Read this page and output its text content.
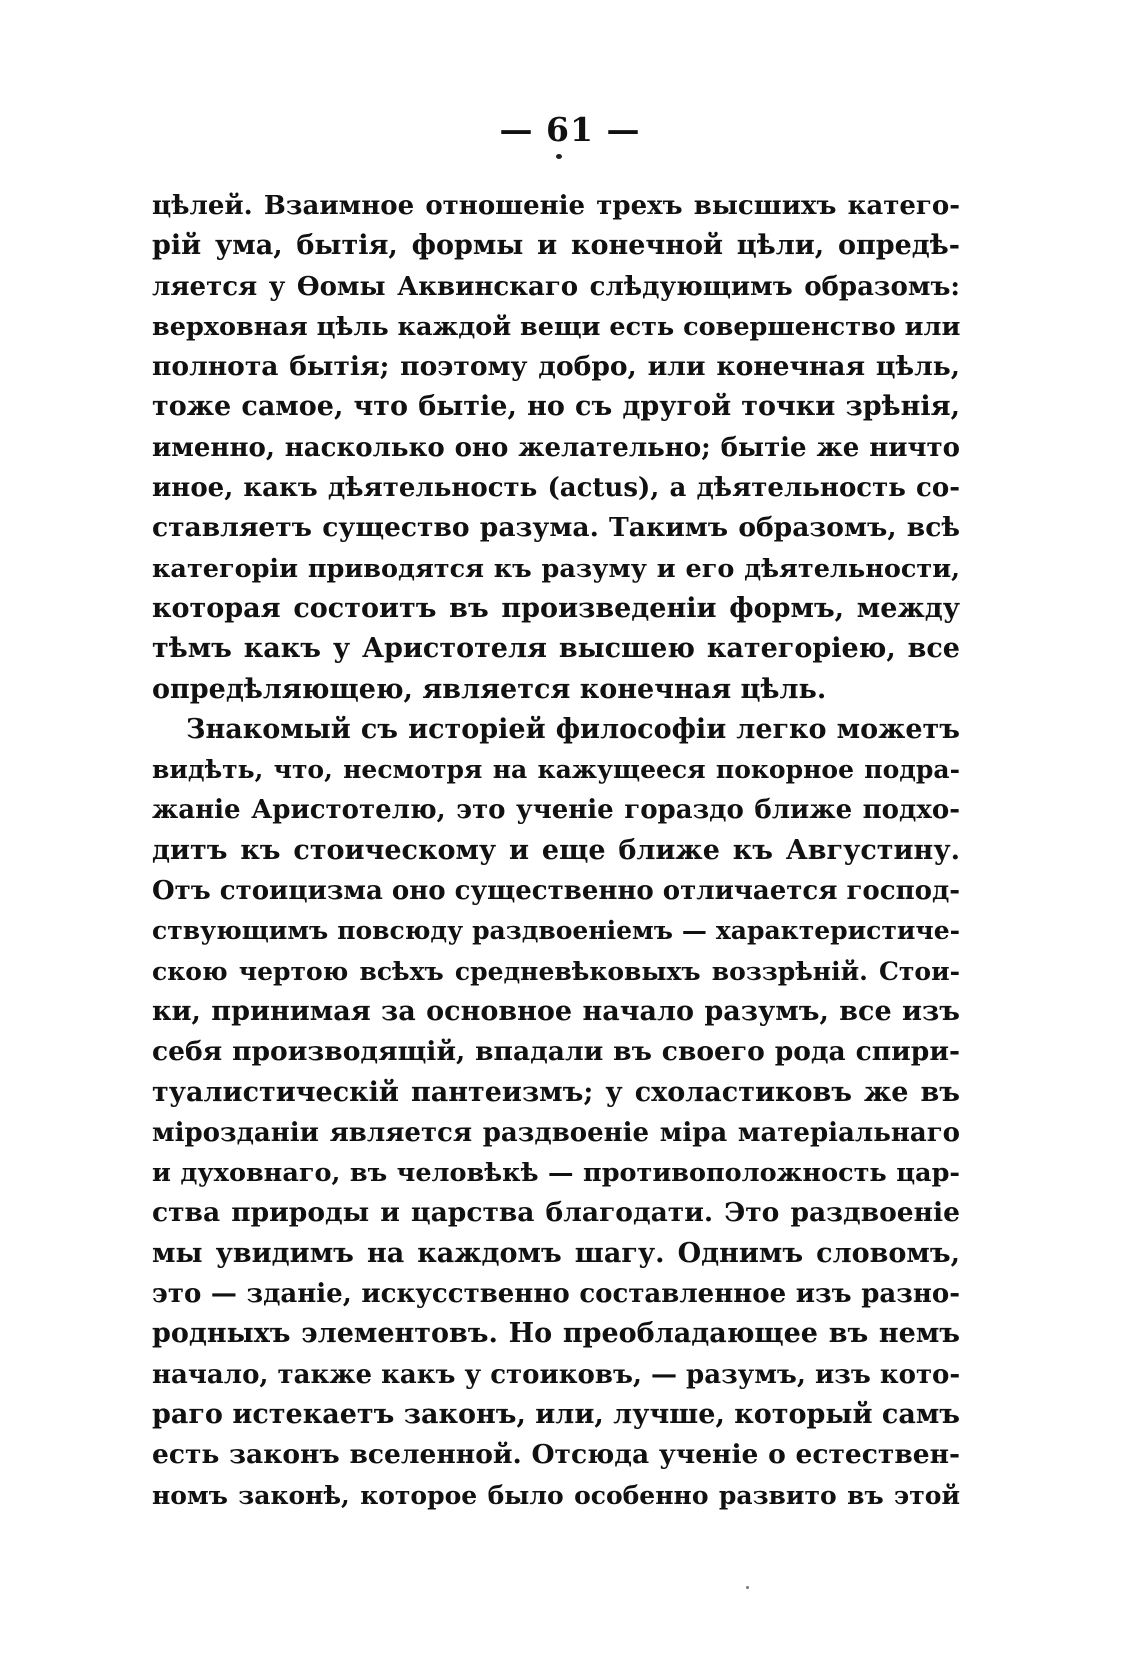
— 61 —
цѣлей. Взаимное отношеніе трехъ высшихъ катего-
рій ума, бытія, формы и конечной цѣли, опредѣ-
ляется у Ѳомы Аквинскаго слѣдующимъ образомъ:
верховная цѣль каждой вещи есть совершенство или
полнота бытія; поэтому добро, или конечная цѣль,
тоже самое, что бытіе, но съ другой точки зрѣнія,
именно, насколько оно желательно; бытіе же ничто
иное, какъ дѣятельность (actus), а дѣятельность со-
ставляетъ существо разума. Такимъ образомъ, всѣ
категоріи приводятся къ разуму и его дѣятельности,
которая состоитъ въ произведеніи формъ, между
тѣмъ какъ у Аристотеля высшею категоріею, все
опредѣляющею, является конечная цѣль.
Знакомый съ исторіей философіи легко можетъ
видѣть, что, несмотря на кажущееся покорное подра-
жаніе Аристотелю, это ученіе гораздо ближе подхо-
дитъ къ стоическому и еще ближе къ Августину.
Отъ стоицизма оно существенно отличается господ-
ствующимъ повсюду раздвоеніемъ — характеристиче-
скою чертою всѣхъ средневѣковыхъ воззрѣній. Стои-
ки, принимая за основное начало разумъ, все изъ
себя производящій, впадали въ своего рода спири-
туалистическій пантеизмъ; у схоластиковъ же въ
мірозданіи является раздвоеніе міра матеріальнаго
и духовнаго, въ человѣкѣ — противоположность цар-
ства природы и царства благодати. Это раздвоеніе
мы увидимъ на каждомъ шагу. Однимъ словомъ,
это — зданіе, искусственно составленное изъ разно-
родныхъ элементовъ. Но преобладающее въ немъ
начало, также какъ у стоиковъ, — разумъ, изъ кото-
раго истекаетъ законъ, или, лучше, который самъ
есть законъ вселенной. Отсюда ученіе о естествен-
номъ законѣ, которое было особенно развито въ этой
